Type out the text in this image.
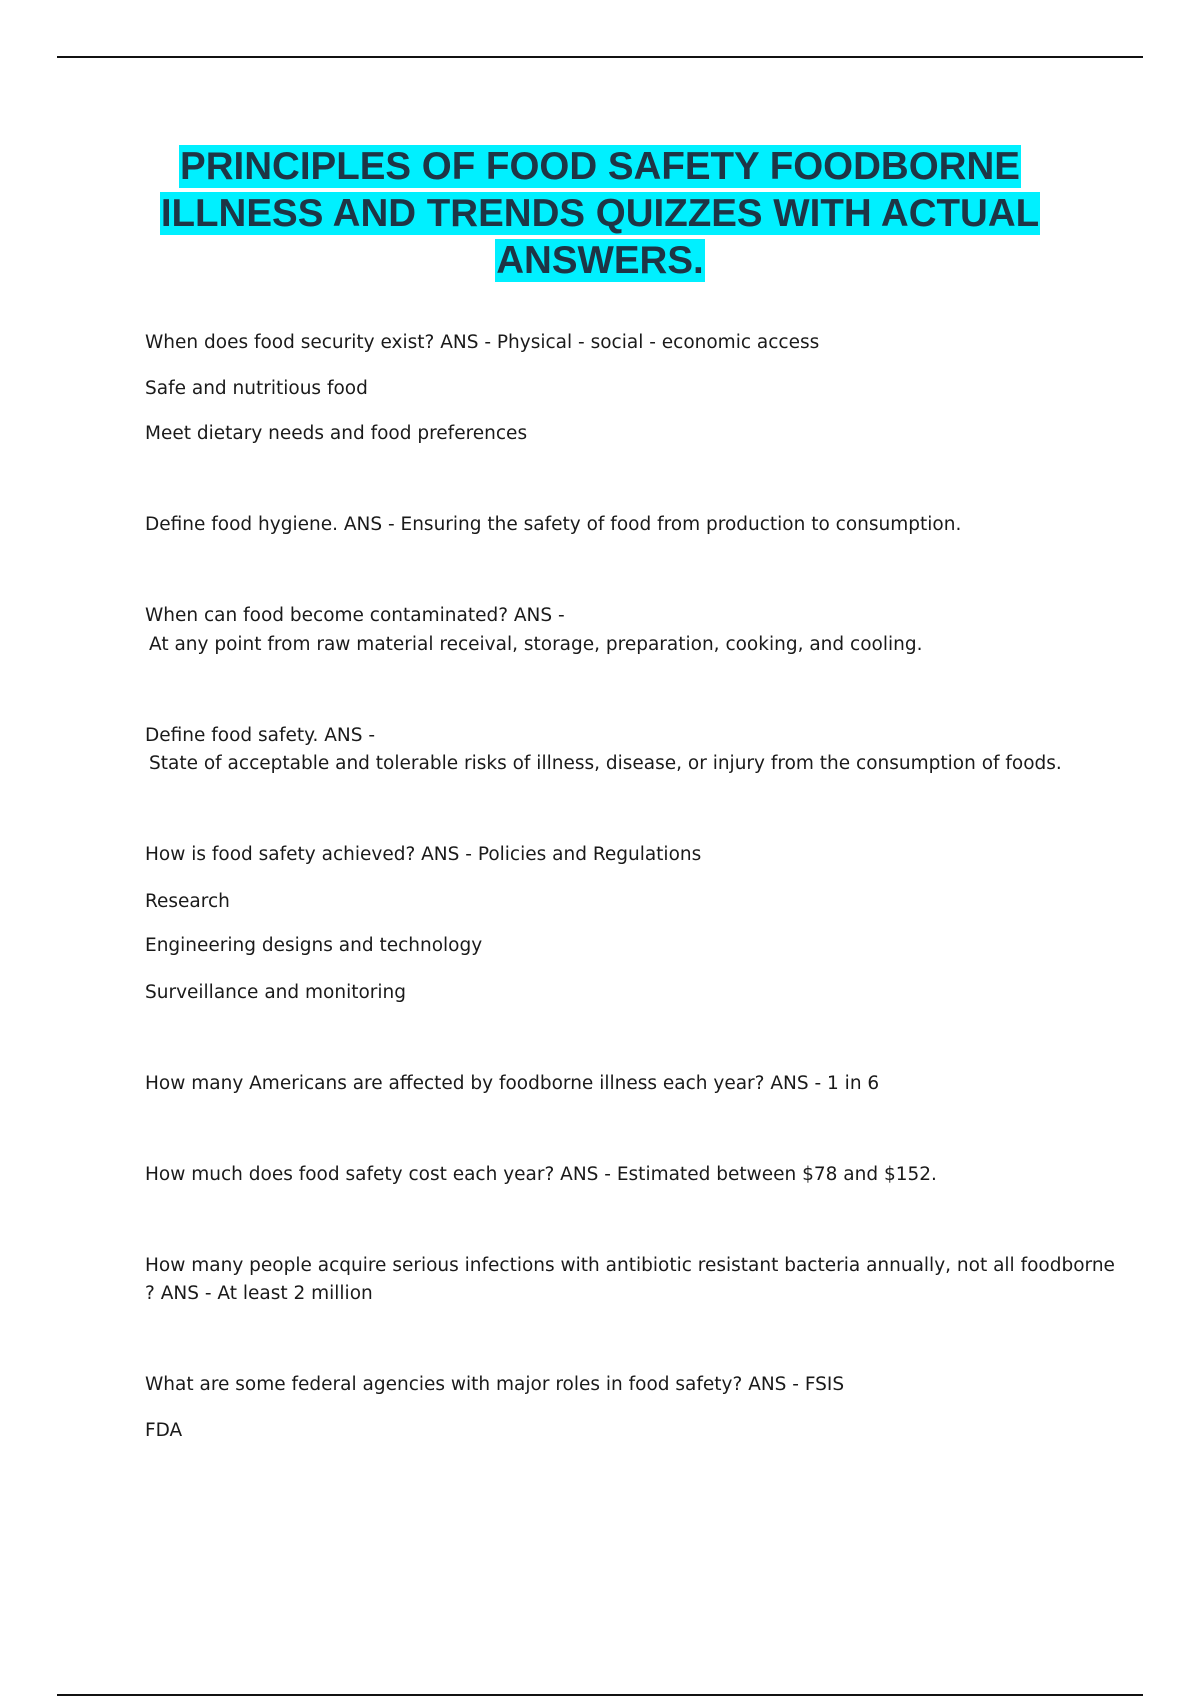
PRINCIPLES OF FOOD SAFETY FOODBORNE
ILLNESS AND TRENDS QUIZZES WITH ACTUAL
ANSWERS.

When does food security exist? ANS - Physical - social - economic access

Safe and nutritious food

Meet dietary needs and food preferences

Define food hygiene. ANS - Ensuring the safety of food from production to consumption.

When can food become contaminated? ANS -

At any point from raw material receival, storage, preparation, cooking, and cooling.

Define food safety. ANS -

State of acceptable and tolerable risks of illness, disease, or injury from the consumption of foods.

How is food safety achieved? ANS - Policies and Regulations

Research

Engineering designs and technology

Surveillance and monitoring

How many Americans are affected by foodborne illness each year? ANS - 1 in 6

How much does food safety cost each year? ANS - Estimated between $78 and $152.

How many people acquire serious infections with antibiotic resistant bacteria annually, not all foodborne

? ANS - At least 2 million

What are some federal agencies with major roles in food safety? ANS - FSIS

FDA
